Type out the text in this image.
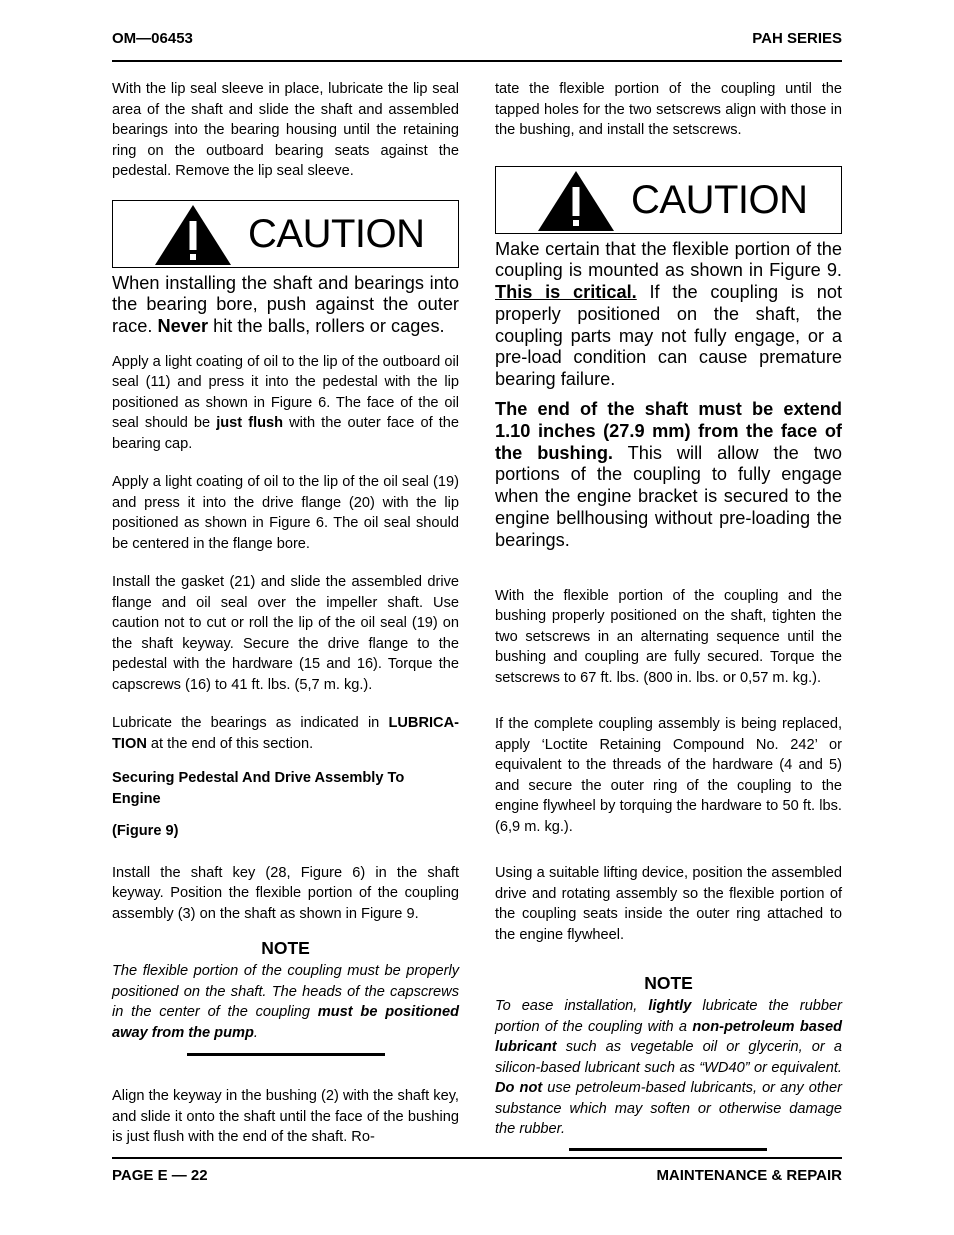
OM—06453	PAH SERIES

With the lip seal sleeve in place, lubricate the lip seal area of the shaft and slide the shaft and assembled bearings into the bearing housing until the retaining ring on the outboard bearing seats against the pedestal. Remove the lip seal sleeve.

CAUTION

When installing the shaft and bearings into the bearing bore, push against the outer race. Never hit the balls, rollers or cages.

Apply a light coating of oil to the lip of the outboard oil seal (11) and press it into the pedestal with the lip positioned as shown in Figure 6. The face of the oil seal should be just flush with the outer face of the bearing cap.

Apply a light coating of oil to the lip of the oil seal (19) and press it into the drive flange (20) with the lip positioned as shown in Figure 6. The oil seal should be centered in the flange bore.

Install the gasket (21) and slide the assembled drive flange and oil seal over the impeller shaft. Use caution not to cut or roll the lip of the oil seal (19) on the shaft keyway. Secure the drive flange to the pedestal with the hardware (15 and 16). Torque the capscrews (16) to 41 ft. lbs. (5,7 m. kg.).

Lubricate the bearings as indicated in LUBRICA-TION at the end of this section.

Securing Pedestal And Drive Assembly To Engine
(Figure 9)

Install the shaft key (28, Figure 6) in the shaft keyway. Position the flexible portion of the coupling assembly (3) on the shaft as shown in Figure 9.

NOTE

The flexible portion of the coupling must be properly positioned on the shaft. The heads of the capscrews in the center of the coupling must be positioned away from the pump.

Align the keyway in the bushing (2) with the shaft key, and slide it onto the shaft until the face of the bushing is just flush with the end of the shaft. Ro-

tate the flexible portion of the coupling until the tapped holes for the two setscrews align with those in the bushing, and install the setscrews.

CAUTION

Make certain that the flexible portion of the coupling is mounted as shown in Figure 9. This is critical. If the coupling is not properly positioned on the shaft, the coupling parts may not fully engage, or a pre-load condition can cause premature bearing failure.

The end of the shaft must be extend 1.10 inches (27.9 mm) from the face of the bushing. This will allow the two portions of the coupling to fully engage when the engine bracket is secured to the engine bellhousing without pre-loading the bearings.

With the flexible portion of the coupling and the bushing properly positioned on the shaft, tighten the two setscrews in an alternating sequence until the bushing and coupling are fully secured. Torque the setscrews to 67 ft. lbs. (800 in. lbs. or 0,57 m. kg.).

If the complete coupling assembly is being replaced, apply ‘Loctite Retaining Compound No. 242’ or equivalent to the threads of the hardware (4 and 5) and secure the outer ring of the coupling to the engine flywheel by torquing the hardware to 50 ft. lbs. (6,9 m. kg.).

Using a suitable lifting device, position the assembled drive and rotating assembly so the flexible portion of the coupling seats inside the outer ring attached to the engine flywheel.

NOTE

To ease installation, lightly lubricate the rubber portion of the coupling with a non-petroleum based lubricant such as vegetable oil or glycerin, or a silicon-based lubricant such as “WD40” or equivalent. Do not use petroleum-based lubricants, or any other substance which may soften or otherwise damage the rubber.

PAGE E — 22	MAINTENANCE & REPAIR
